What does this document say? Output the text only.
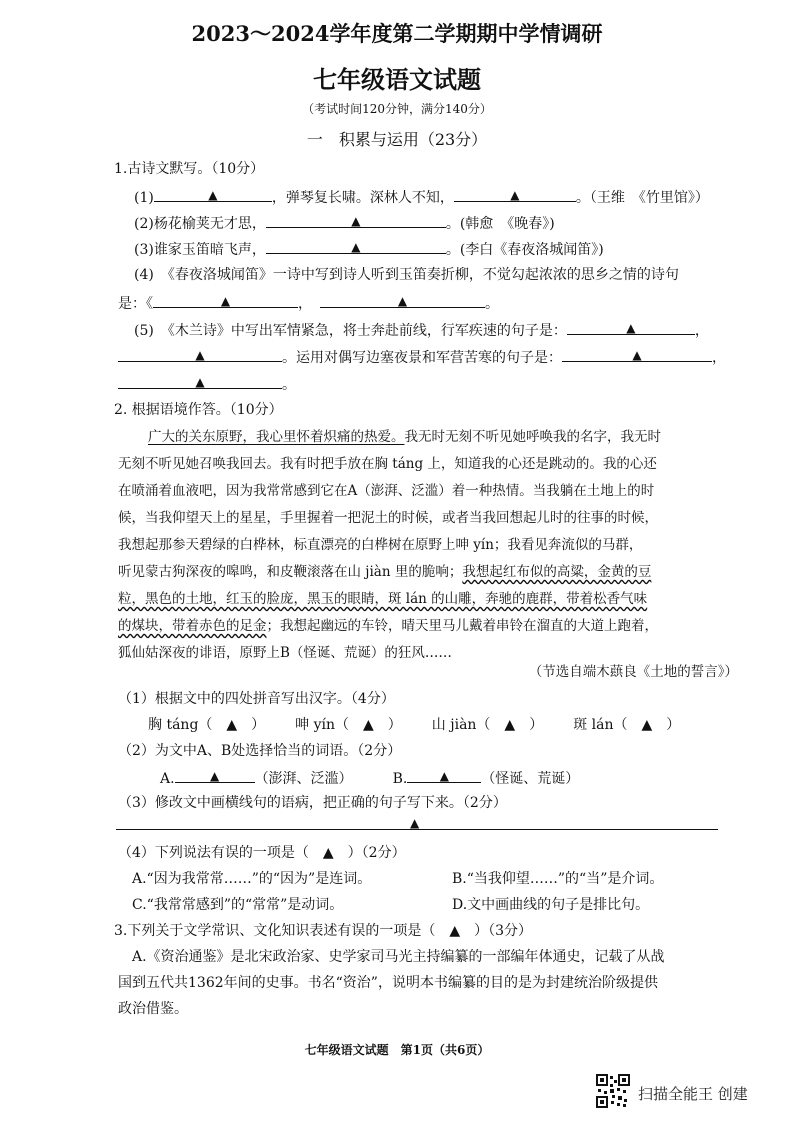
2023～2024学年度第二学期期中学情调研
七年级语文试题
（考试时间120分钟，满分140分）
一　积累与运用（23分）
1.古诗文默写。（10分）
(1)	▲	，弹琴复长啸。深林人不知，	▲	。（王维　《竹里馆》）
(2)杨花榆荚无才思，	▲	。(韩愈　《晚春》)
(3)谁家玉笛暗飞声，	▲	。(李白《春夜洛城闻笛》)
(4)　《春夜洛城闻笛》一诗中写到诗人听到玉笛奏折柳，不觉勾起浓浓的思乡之情的诗句
是：《	▲	，	▲	。
(5)　《木兰诗》中写出军情紧急，将士奔赴前线，行军疾速的句子是：	▲	，
▲	。运用对偶写边塞夜景和军营苦寒的句子是：	▲	，
▲	。
2. 根据语境作答。（10分）
广大的关东原野，我心里怀着炽痛的热爱。我无时无刻不听见她呼唤我的名字，我无时
无刻不听见她召唤我回去。我有时把手放在胸 táng 上，知道我的心还是跳动的。我的心还
在喷涌着血液吧，因为我常常感到它在A（澎湃、泛滥）着一种热情。当我躺在土地上的时
候，当我仰望天上的星星，手里握着一把泥土的时候，或者当我回想起儿时的往事的时候，
我想起那参天碧绿的白桦林，标直漂亮的白桦树在原野上呻 yín；我看见奔流似的马群，
听见蒙古狗深夜的嗥鸣，和皮鞭滚落在山 jiàn 里的脆响；我想起红布似的高粱，金黄的豆
粒，黑色的土地，红玉的脸庞，黑玉的眼睛，斑 lán 的山雕，奔驰的鹿群，带着松香气味
的煤块，带着赤色的足金；我想起幽远的车铃，晴天里马儿戴着串铃在溜直的大道上跑着，
狐仙姑深夜的诽语，原野上B（怪诞、荒诞）的狂风……
（节选自端木蕻良《土地的誓言》）
（1）根据文中的四处拼音写出汉字。（4分）
胸 táng（　▲　） 呻 yín（　▲　） 山 jiàn（　▲　） 斑 lán（　▲　）
（2）为文中A、B处选择恰当的词语。（2分）
A.	▲	（澎湃、泛滥）	B.	▲ （怪诞、荒诞）
（3）修改文中画横线句的语病，把正确的句子写下来。（2分）
▲
（4）下列说法有误的一项是（　▲　）（2分）
A.“因为我常常……”的“因为”是连词。	B.“当我仰望……”的“当”是介词。
C.“我常常感到”的“常常”是动词。	D.文中画曲线的句子是排比句。
3.下列关于文学常识、文化知识表述有误的一项是（　▲　）（3分）
A.《资治通鉴》是北宋政治家、史学家司马光主持编纂的一部编年体通史，记载了从战
国到五代共1362年间的史事。书名“资治”，说明本书编纂的目的是为封建统治阶级提供
政治借鉴。
七年级语文试题　第1页（共6页）
扫描全能王 创建
